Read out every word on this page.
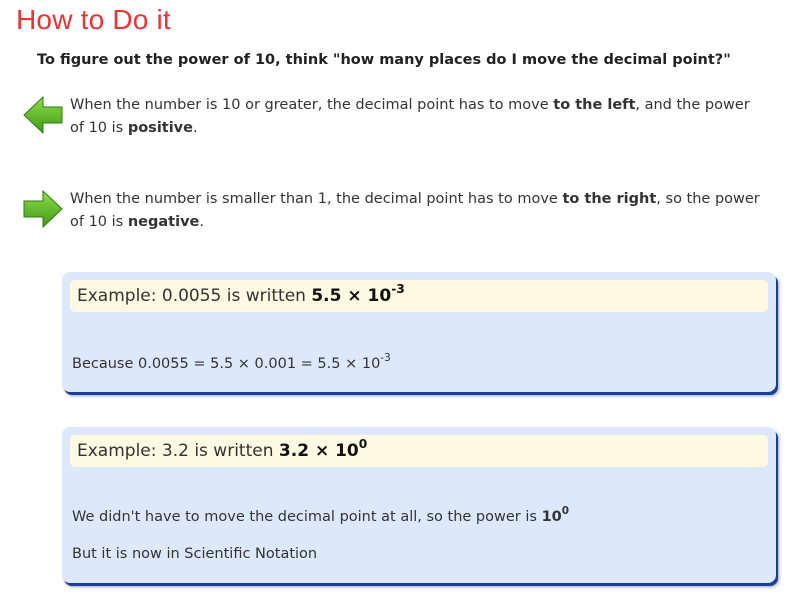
How to Do it
To figure out the power of 10, think "how many places do I move the decimal point?"
When the number is 10 or greater, the decimal point has to move to the left, and the power of 10 is positive.
When the number is smaller than 1, the decimal point has to move to the right, so the power of 10 is negative.
Example: 0.0055 is written $5.5 \times 10^{-3}$
Because $0.0055 = 5.5 \times 0.001 = 5.5 \times 10^{-3}$
Example: 3.2 is written $3.2 \times 10^0$
We didn't have to move the decimal point at all, so the power is $10^0$
But it is now in Scientific Notation
